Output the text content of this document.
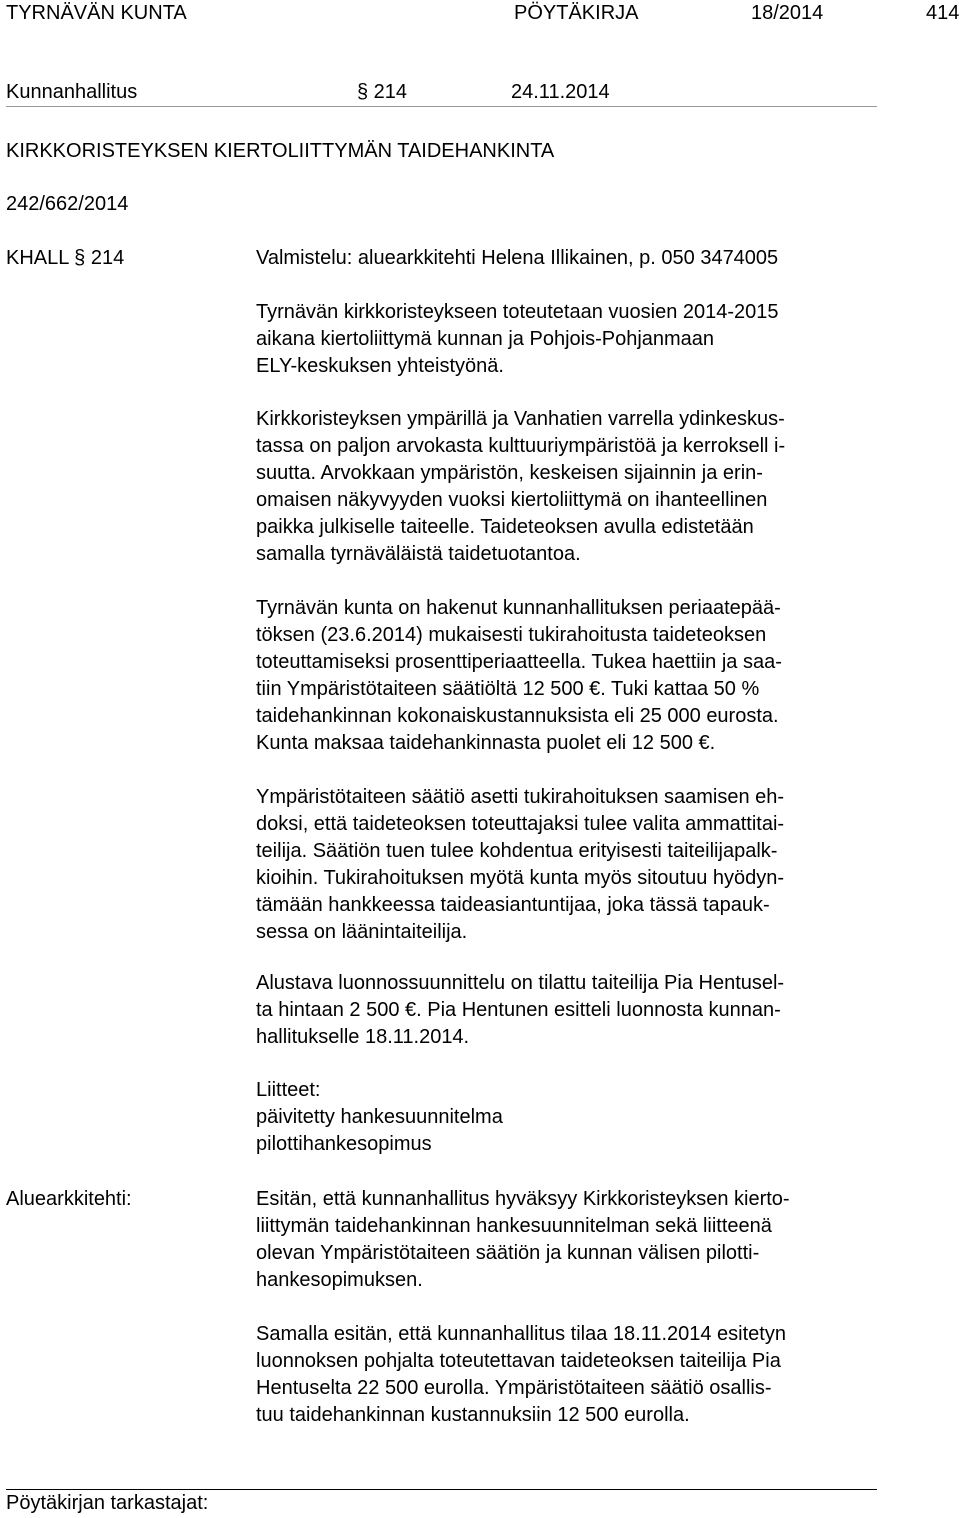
TYRNÄVÄN KUNTA	PÖYTÄKIRJA	18/2014	414
Kunnanhallitus	§ 214	24.11.2014
KIRKKORISTEYKSEN KIERTOLIITTYMÄN TAIDEHANKINTA
242/662/2014
KHALL § 214	Valmistelu: aluearkkitehti Helena Illikainen, p. 050 3474005

Tyrnävän kirkkoristeykseen toteutetaan vuosien 2014-2015
aikana kiertoliittymä kunnan ja Pohjois-Pohjanmaan
ELY-keskuksen yhteistyönä.

Kirkkoristeyksen ympärillä ja Vanhatien varrella ydinkeskus-
tassa on paljon arvokasta kulttuuriympäristöä ja kerroksell i-
suutta. Arvokkaan ympäristön, keskeisen sijainnin ja erin-
omaisen näkyvyyden vuoksi kiertoliittymä on ihanteellinen
paikka julkiselle taiteelle. Taideteoksen avulla edistetään
samalla tyrnäväläistä taidetuotantoa.

Tyrnävän kunta on hakenut kunnanhallituksen periaatepää-
töksen (23.6.2014) mukaisesti tukirahoitusta taideteoksen
toteuttamiseksi prosenttiperiaatteella. Tukea haettiin ja saa-
tiin Ympäristötaiteen säätiöltä 12 500 €. Tuki kattaa 50 %
taidehankinnan kokonaiskustannuksista eli 25 000 eurosta.
Kunta maksaa taidehankinnasta puolet eli 12 500 €.

Ympäristötaiteen säätiö asetti tukirahoituksen saamisen eh-
doksi, että taideteoksen toteuttajaksi tulee valita ammattitai-
teilija. Säätiön tuen tulee kohdentua erityisesti taiteilijapalk-
kioihin. Tukirahoituksen myötä kunta myös sitoutuu hyödyn-
tämään hankkeessa taideasiantuntijaa, joka tässä tapauk-
sessa on läänintaiteilija.

Alustava luonnossuunnittelu on tilattu taiteilija Pia Hentusel-
ta hintaan 2 500 €. Pia Hentunen esitteli luonnosta kunnan-
hallitukselle 18.11.2014.

Liitteet:
päivitetty hankesuunnitelma
pilottihankesopimus
Aluearkkitehti:	Esitän, että kunnanhallitus hyväksyy Kirkkoristeyksen kierto-
liittymän taidehankinnan hankesuunnitelman sekä liitteenä
olevan Ympäristötaiteen säätiön ja kunnan välisen pilotti-
hankesopimuksen.

Samalla esitän, että kunnanhallitus tilaa 18.11.2014 esitetyn
luonnoksen pohjalta toteutettavan taideteoksen taiteilija Pia
Hentuselta 22 500 eurolla. Ympäristötaiteen säätiö osallis-
tuu taidehankinnan kustannuksiin 12 500 eurolla.

Pöytäkirjan tarkastajat:
